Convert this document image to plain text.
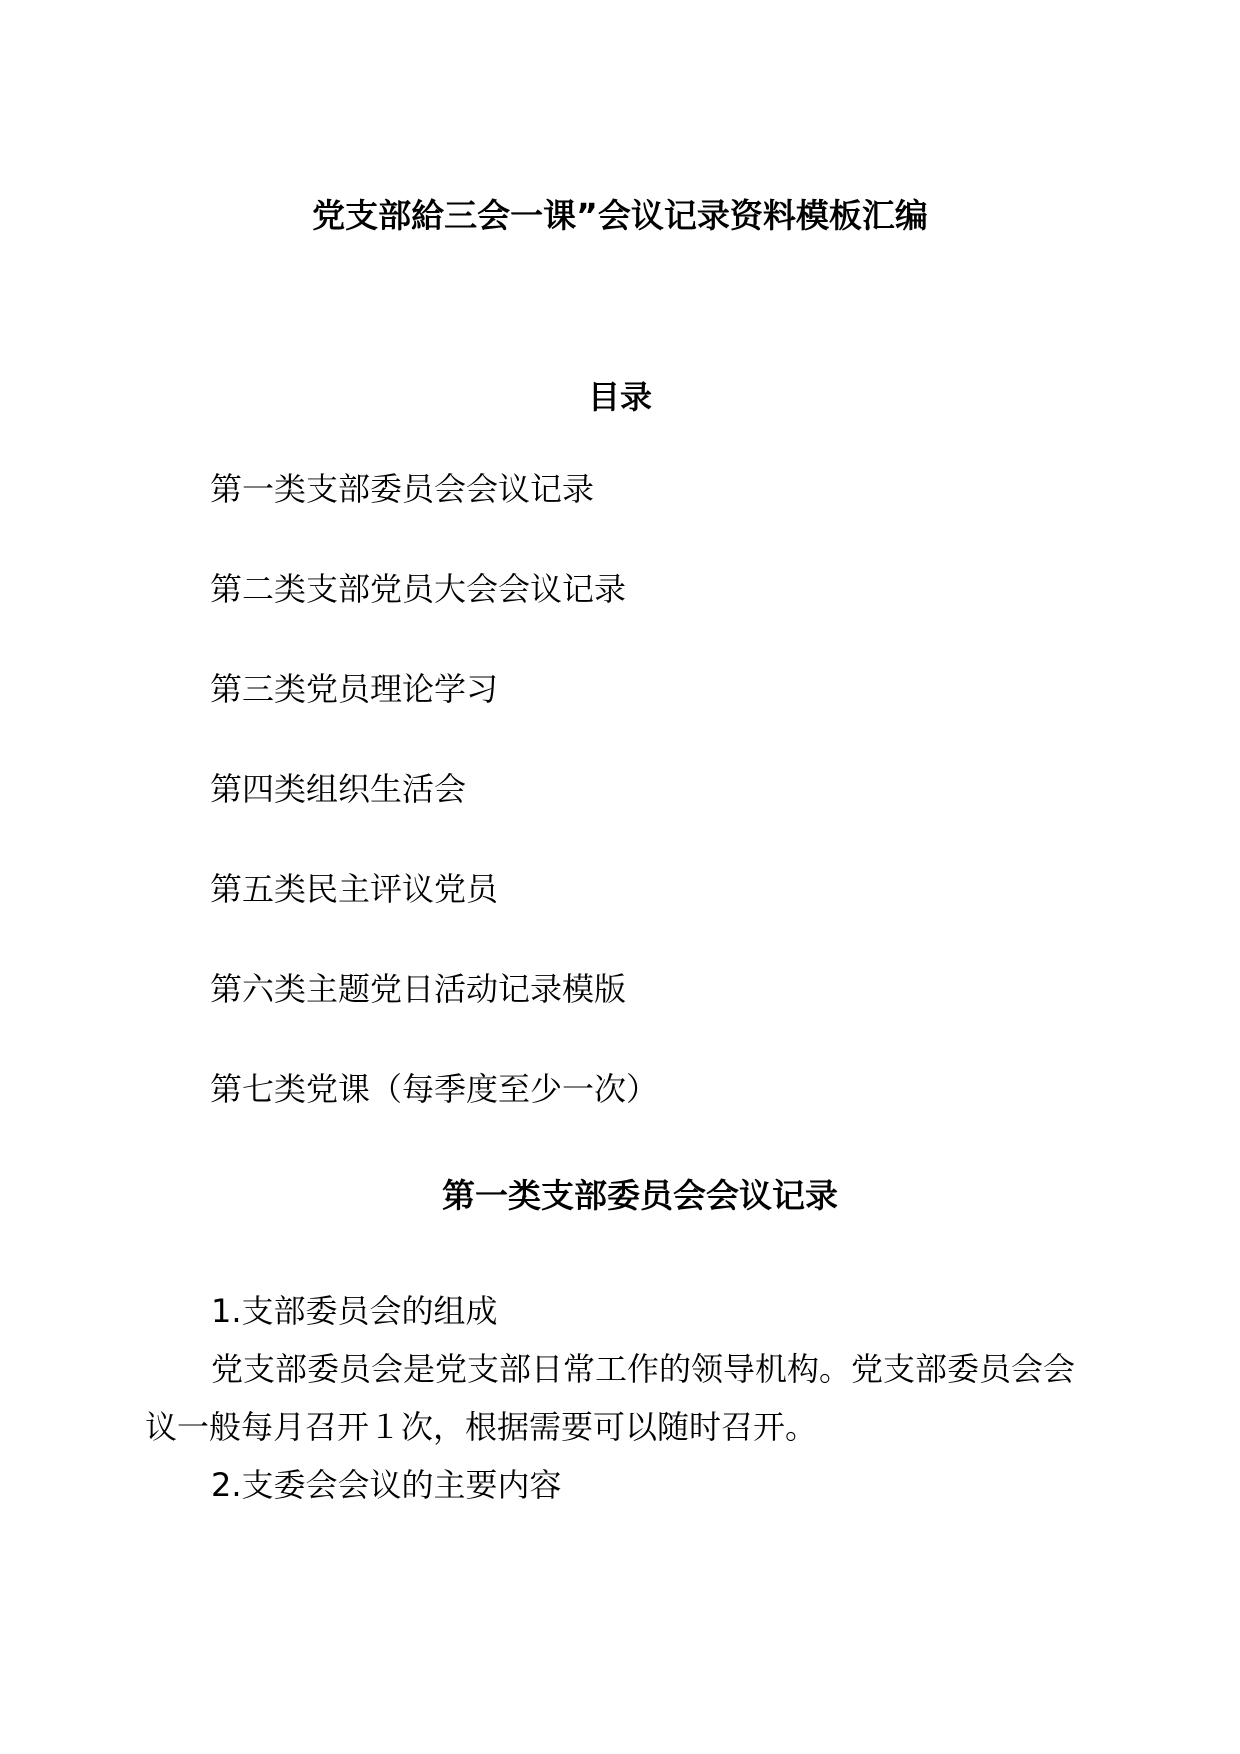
党支部給三会一课”会议记录资料模板汇编
目录
第一类支部委员会会议记录
第二类支部党员大会会议记录
第三类党员理论学习
第四类组织生活会
第五类民主评议党员
第六类主题党日活动记录模版
第七类党课（每季度至少一次）
第一类支部委员会会议记录

1.支部委员会的组成

党支部委员会是党支部日常工作的领导机构。党支部委员会会议一般每月召开１次，根据需要可以随时召开。

2.支委会会议的主要内容
